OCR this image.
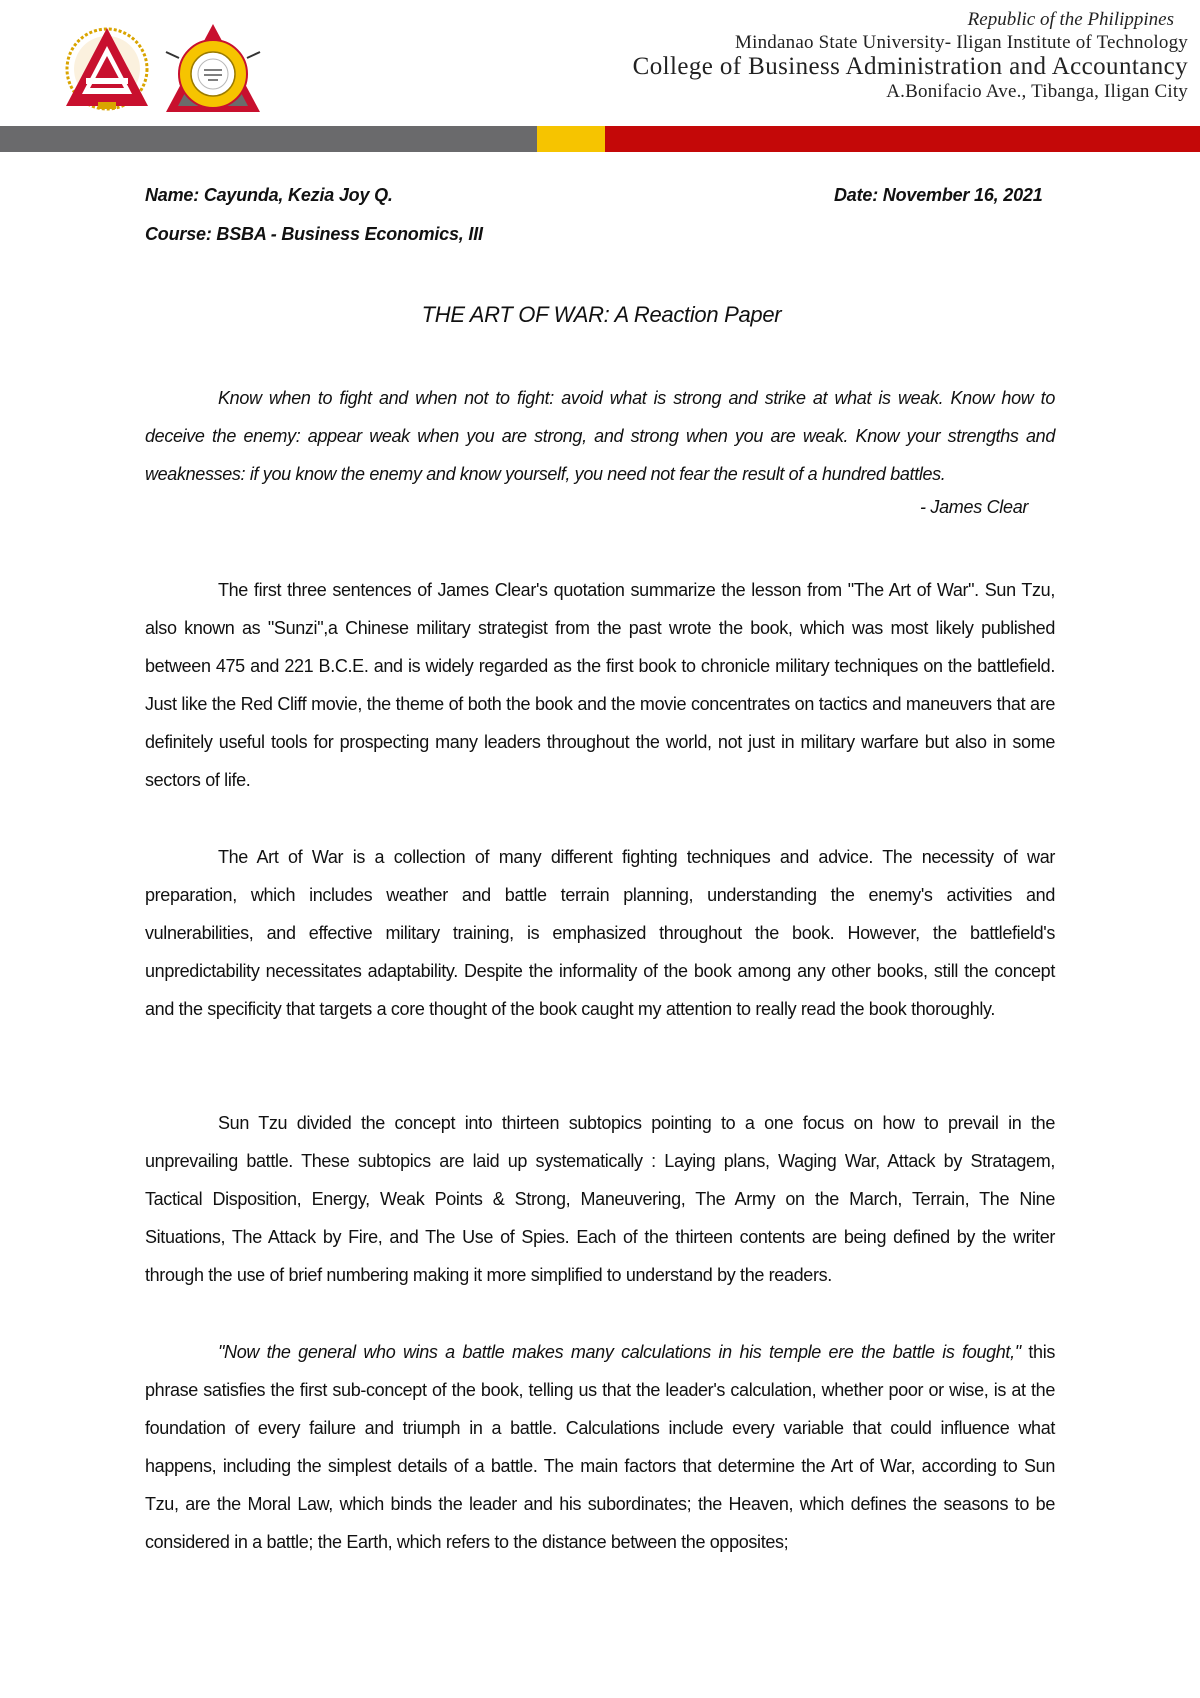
Republic of the Philippines
Mindanao State University- Iligan Institute of Technology
College of Business Administration and Accountancy
A.Bonifacio Ave., Tibanga, Iligan City
Name: Cayunda, Kezia Joy Q.	Date: November 16, 2021
Course: BSBA - Business Economics, III
THE ART OF WAR: A Reaction Paper

Know when to fight and when not to fight: avoid what is strong and strike at what is weak. Know how to deceive the enemy: appear weak when you are strong, and strong when you are weak. Know your strengths and weaknesses: if you know the enemy and know yourself, you need not fear the result of a hundred battles.

- James Clear

The first three sentences of James Clear's quotation summarize the lesson from "The Art of War". Sun Tzu, also known as "Sunzi",a Chinese military strategist from the past wrote the book, which was most likely published between 475 and 221 B.C.E. and is widely regarded as the first book to chronicle military techniques on the battlefield. Just like the Red Cliff movie, the theme of both the book and the movie concentrates on tactics and maneuvers that are definitely useful tools for prospecting many leaders throughout the world, not just in military warfare but also in some sectors of life.

The Art of War is a collection of many different fighting techniques and advice. The necessity of war preparation, which includes weather and battle terrain planning, understanding the enemy's activities and vulnerabilities, and effective military training, is emphasized throughout the book. However, the battlefield's unpredictability necessitates adaptability. Despite the informality of the book among any other books, still the concept and the specificity that targets a core thought of the book caught my attention to really read the book thoroughly.

Sun Tzu divided the concept into thirteen subtopics pointing to a one focus on how to prevail in the unprevailing battle. These subtopics are laid up systematically : Laying plans, Waging War, Attack by Stratagem, Tactical Disposition, Energy, Weak Points & Strong, Maneuvering, The Army on the March, Terrain, The Nine Situations, The Attack by Fire, and The Use of Spies. Each of the thirteen contents are being defined by the writer through the use of brief numbering making it more simplified to understand by the readers.

"Now the general who wins a battle makes many calculations in his temple ere the battle is fought," this phrase satisfies the first sub-concept of the book, telling us that the leader's calculation, whether poor or wise, is at the foundation of every failure and triumph in a battle. Calculations include every variable that could influence what happens, including the simplest details of a battle. The main factors that determine the Art of War, according to Sun Tzu, are the Moral Law, which binds the leader and his subordinates; the Heaven, which defines the seasons to be considered in a battle; the Earth, which refers to the distance between the opposites;
